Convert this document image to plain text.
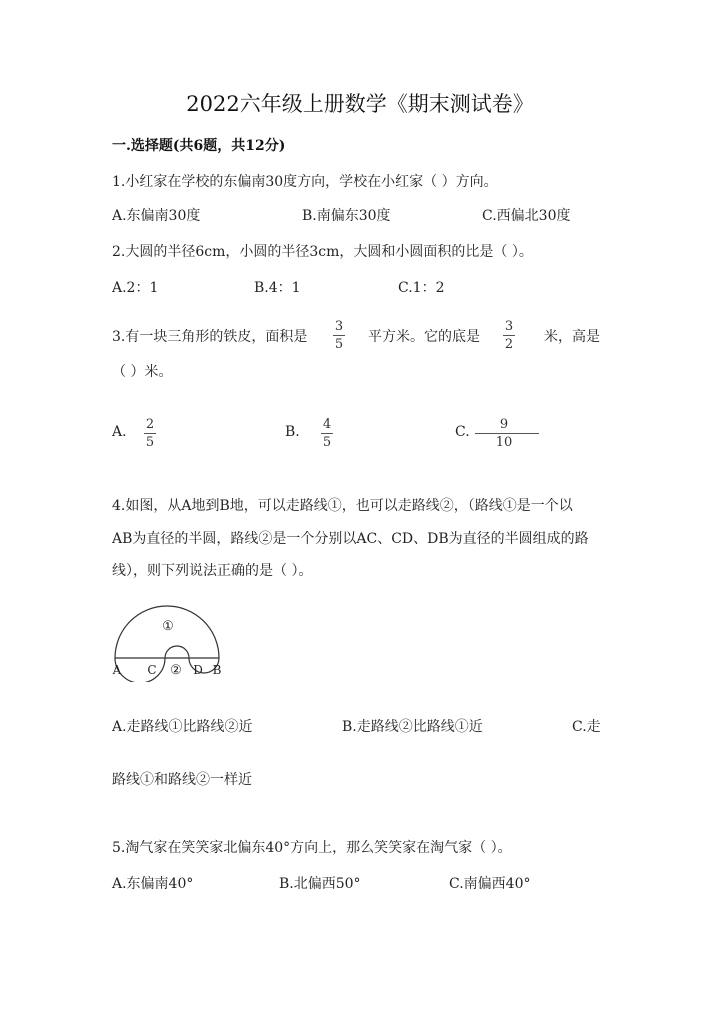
2022六年级上册数学《期末测试卷》
一.选择题(共6题，共12分)
1.小红家在学校的东偏南30度方向，学校在小红家（ ）方向。
A.东偏南30度	B.南偏东30度	C.西偏北30度
2.大圆的半径6cm，小圆的半径3cm，大圆和小圆面积的比是（ ）。
A.2：1	B.4：1	C.1：2
3.有一块三角形的铁皮，面积是
3
5 平方米。它的底是
3
2 米，高是
（ ）米。
A. 2
5
B. 4
5
C. 9
10
4.如图，从A地到B地，可以走路线①，也可以走路线②，（路线①是一个以
AB为直径的半圆，路线②是一个分别以AC、CD、DB为直径的半圆组成的路
线），则下列说法正确的是（ ）。
①
②
A C	D B
A.走路线①比路线②近	B.走路线②比路线①近	C.走
路线①和路线②一样近
5.淘气家在笑笑家北偏东40°方向上，那么笑笑家在淘气家（ ）。
A.东偏南40°	B.北偏西50°	C.南偏西40°
